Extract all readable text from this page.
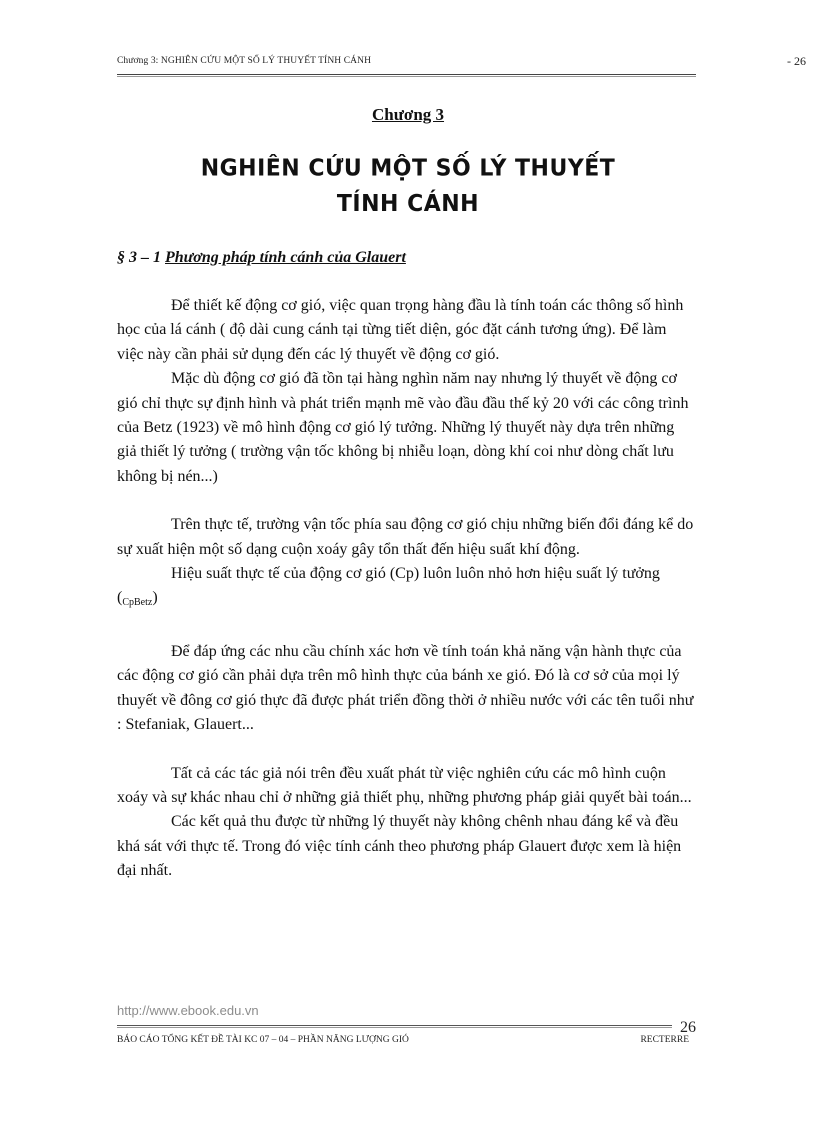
Chương 3: NGHIÊN CỨU MỘT SỐ LÝ THUYẾT TÍNH CÁNH	- 26
Chương 3
NGHIÊN CỨU MỘT SỐ LÝ THUYẾT
TÍNH CÁNH
§ 3 – 1 Phương pháp tính cánh của Glauert

Để thiết kế động cơ gió, việc quan trọng hàng đầu là tính toán các thông số hình học của lá cánh ( độ dài cung cánh tại từng tiết diện, góc đặt cánh tương ứng). Để làm việc này cần phải sử dụng đến các lý thuyết về động cơ gió.

Mặc dù động cơ gió đã tồn tại hàng nghìn năm nay nhưng lý thuyết về động cơ gió chỉ thực sự định hình và phát triển mạnh mẽ vào đầu đầu thế kỷ 20 với các công trình của Betz (1923) về mô hình động cơ gió lý tưởng. Những lý thuyết này dựa trên những giả thiết lý tưởng ( trường vận tốc không bị nhiễu loạn, dòng khí coi như dòng chất lưu không bị nén...)

Trên thực tế, trường vận tốc phía sau động cơ gió chịu những biến đổi đáng kể do sự xuất hiện một số dạng cuộn xoáy gây tổn thất đến hiệu suất khí động.

Hiệu suất thực tế của động cơ gió (Cp) luôn luôn nhỏ hơn hiệu suất lý tưởng $(_{CpBetz})$

Để đáp ứng các nhu cầu chính xác hơn về tính toán khả năng vận hành thực của các động cơ gió cần phải dựa trên mô hình thực của bánh xe gió. Đó là cơ sở của mọi lý thuyết về đông cơ gió thực đã được phát triển đồng thời ở nhiều nước với các tên tuổi như : Stefaniak, Glauert...

Tất cả các tác giả nói trên đều xuất phát từ việc nghiên cứu các mô hình cuộn xoáy và sự khác nhau chỉ ở những giả thiết phụ, những phương pháp giải quyết bài toán...

Các kết quả thu được từ những lý thuyết này không chênh nhau đáng kể và đều khá sát với thực tế. Trong đó việc tính cánh theo phương pháp Glauert được xem là hiện đại nhất.

http://www.ebook.edu.vn
26
BÁO CÁO TỔNG KẾT ĐỀ TÀI KC 07 – 04 – PHẦN NĂNG LƯỢNG GIÓ	RECTERRE
